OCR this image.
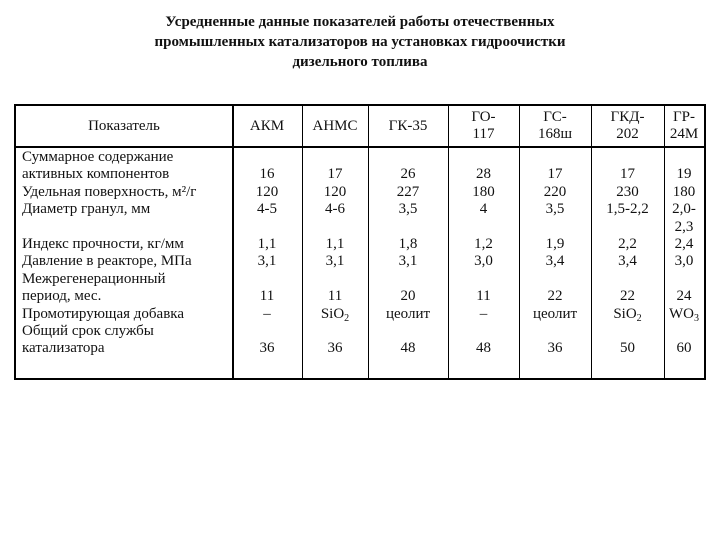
Усредненные данные показателей работы отечественных
промышленных катализаторов на установках гидроочистки
дизельного топлива
Показатель
Суммарное содержание
активных компонентов
Удельная поверхность, м²/г
Диаметр гранул, мм
Индекс прочности, кг/мм
Давление в реакторе, МПа
Межрегенерационный
период, мес.
Промотирующая добавка
Общий срок службы
катализатора
АКМ
16
120
4-5
1,1
3,1
11
–
36
АНМС
17
120
4-6
1,1
3,1
11
SiO$_2$
36
ГК-35
26
227
3,5
1,8
3,1
20
цеолит
48
ГО-
117
28
180
4
1,2
3,0
11
–
48
ГС-
168ш
17
220
3,5
1,9
3,4
22
цеолит
36
ГКД-
202
17
230
1,5-2,2
2,2
3,4
22
SiO$_2$
50
ГР-
24М
19
180
2,0-
2,3
2,4
3,0
24
$WO_3$
60
